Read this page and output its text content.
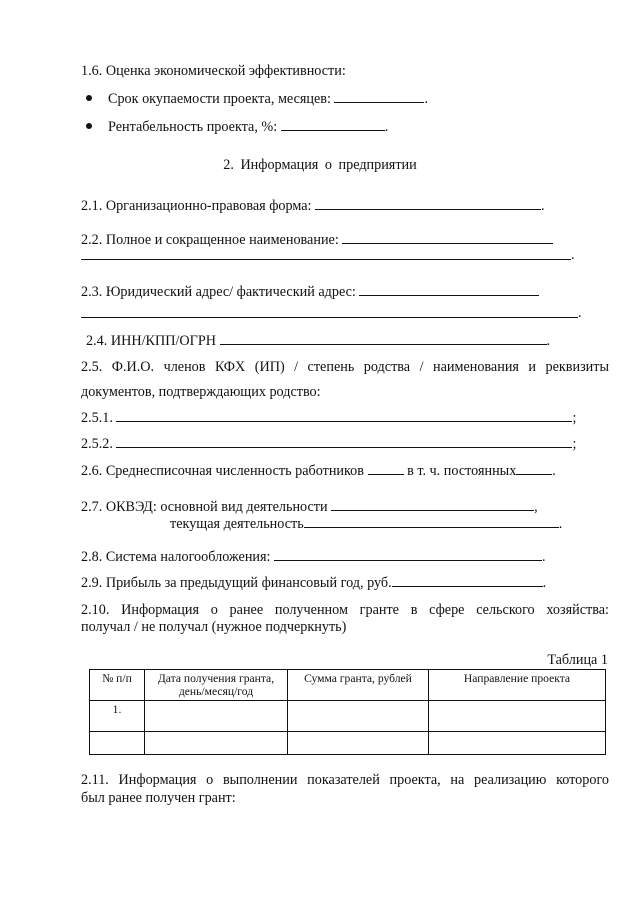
1.6. Оценка экономической эффективности:
Срок окупаемости проекта, месяцев:	.
Рентабельность проекта, %:	.
2. Информация о предприятии
2.1. Организационно-правовая форма:	.
2.2. Полное и сокращенное наименование:
.
2.3. Юридический адрес/ фактический адрес:
.
2.4. ИНН/КПП/ОГРН	.
2.5. Ф.И.О. членов КФХ (ИП) / степень родства / наименования и реквизиты
документов, подтверждающих родство:
2.5.1.	;
2.5.2.	;
2.6. Среднесписочная численность работников	в т. ч. постоянных	.
2.7. ОКВЭД: основной вид деятельности	,
текущая деятельность	.
2.8. Система налогообложения:	.
2.9. Прибыль за предыдущий финансовый год, руб.	.
2.10. Информация о ранее полученном гранте в сфере сельского хозяйства:
получал / не получал (нужное подчеркнуть)
Таблица 1
№ п/п	Дата получения гранта, день/месяц/год	Сумма гранта, рублей	Направление проекта
1.			

2.11. Информация о выполнении показателей проекта, на реализацию которого
был ранее получен грант:
